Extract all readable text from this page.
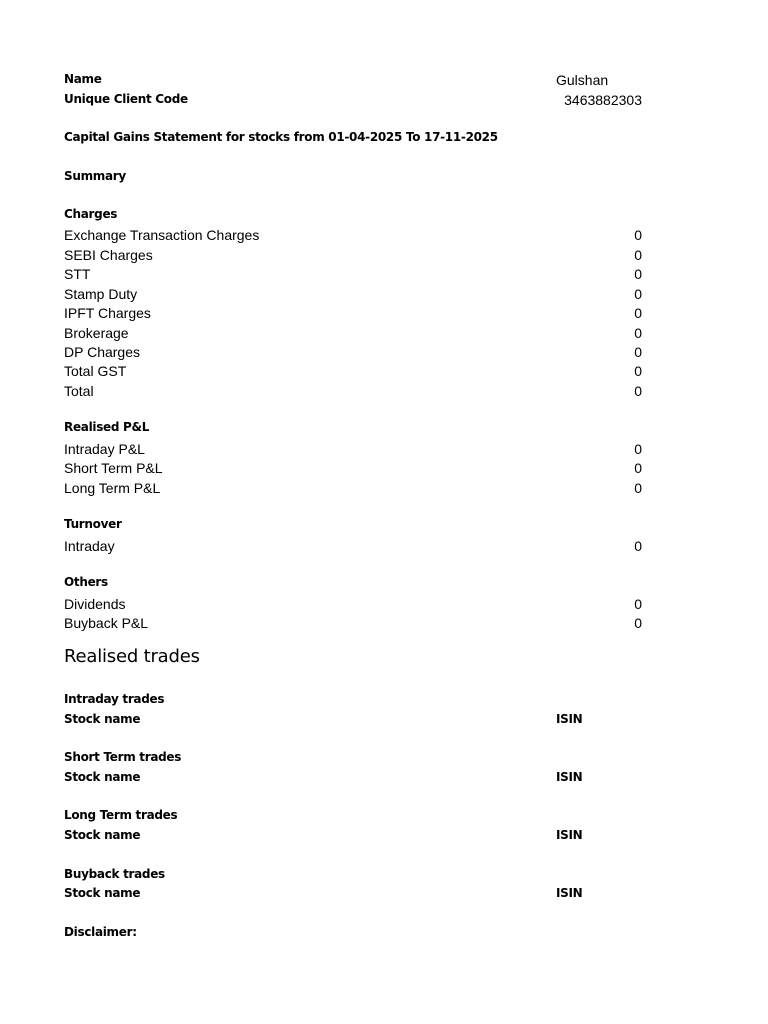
Name	Gulshan
Unique Client Code	3463882303
Capital Gains Statement for stocks from 01-04-2025 To 17-11-2025
Summary
Charges
Exchange Transaction Charges	0
SEBI Charges	0
STT	0
Stamp Duty	0
IPFT Charges	0
Brokerage	0
DP Charges	0
Total GST	0
Total	0
Realised P&L
Intraday P&L	0
Short Term P&L	0
Long Term P&L	0
Turnover
Intraday	0
Others
Dividends	0
Buyback P&L	0
Realised trades
Intraday trades
Stock name	ISIN
Short Term trades
Stock name	ISIN
Long Term trades
Stock name	ISIN
Buyback trades
Stock name	ISIN
Disclaimer:
